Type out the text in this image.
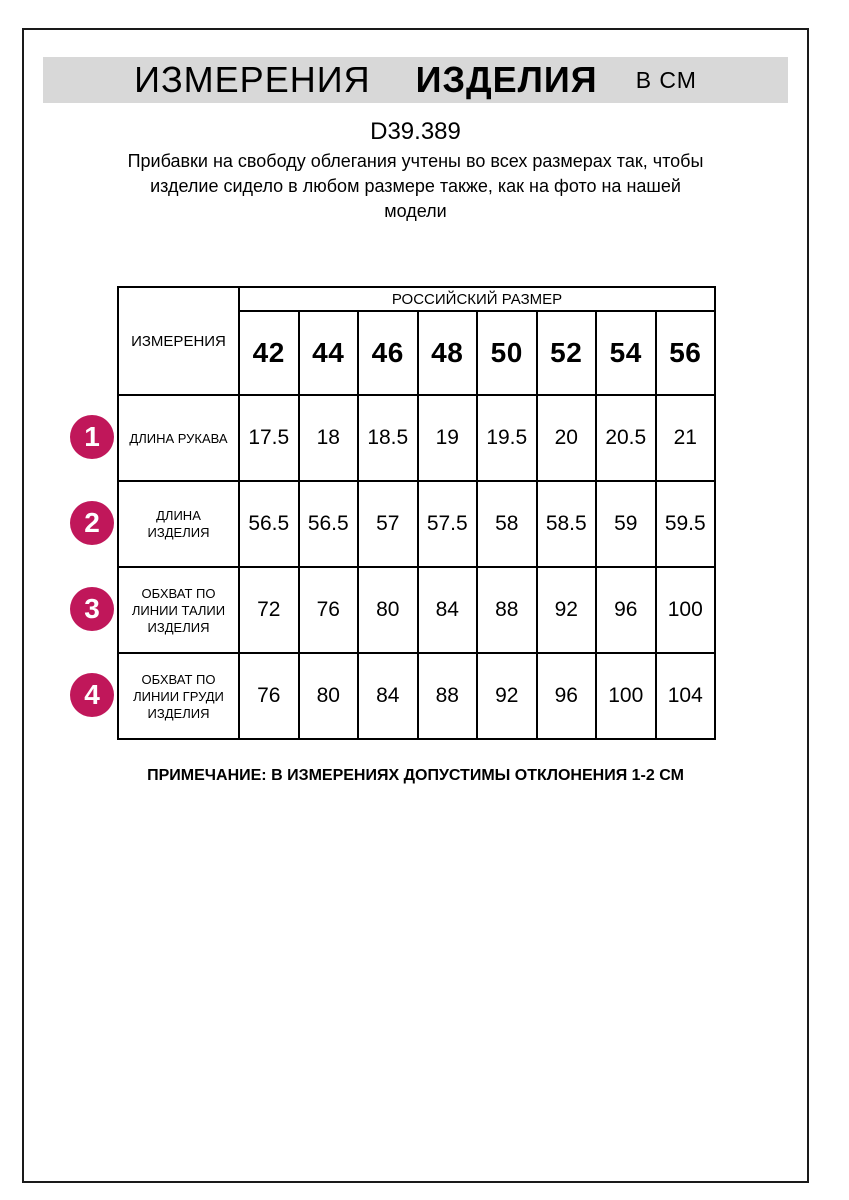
ИЗМЕРЕНИЯ ИЗДЕЛИЯ В СМ
D39.389
Прибавки на свободу облегания учтены во всех размерах так, чтобы
изделие сидело в любом размере также, как на фото на нашей
модели
ИЗМЕРЕНИЯ	РОССИЙСКИЙ РАЗМЕР							
	42	44	46	48	50	52	54	56

ДЛИНА РУКАВА	17.5	18	18.5	19	19.5	20	20.5	21

ДЛИНА
ИЗДЕЛИЯ	56.5	56.5	57	57.5	58	58.5	59	59.5

ОБХВАТ ПО
ЛИНИИ ТАЛИИ
ИЗДЕЛИЯ	72	76	80	84	88	92	96	100

ОБХВАТ ПО
ЛИНИИ ГРУДИ
ИЗДЕЛИЯ	76	80	84	88	92	96	100	104
1
2
3
4
ПРИМЕЧАНИЕ: В ИЗМЕРЕНИЯХ ДОПУСТИМЫ ОТКЛОНЕНИЯ 1-2 СМ
